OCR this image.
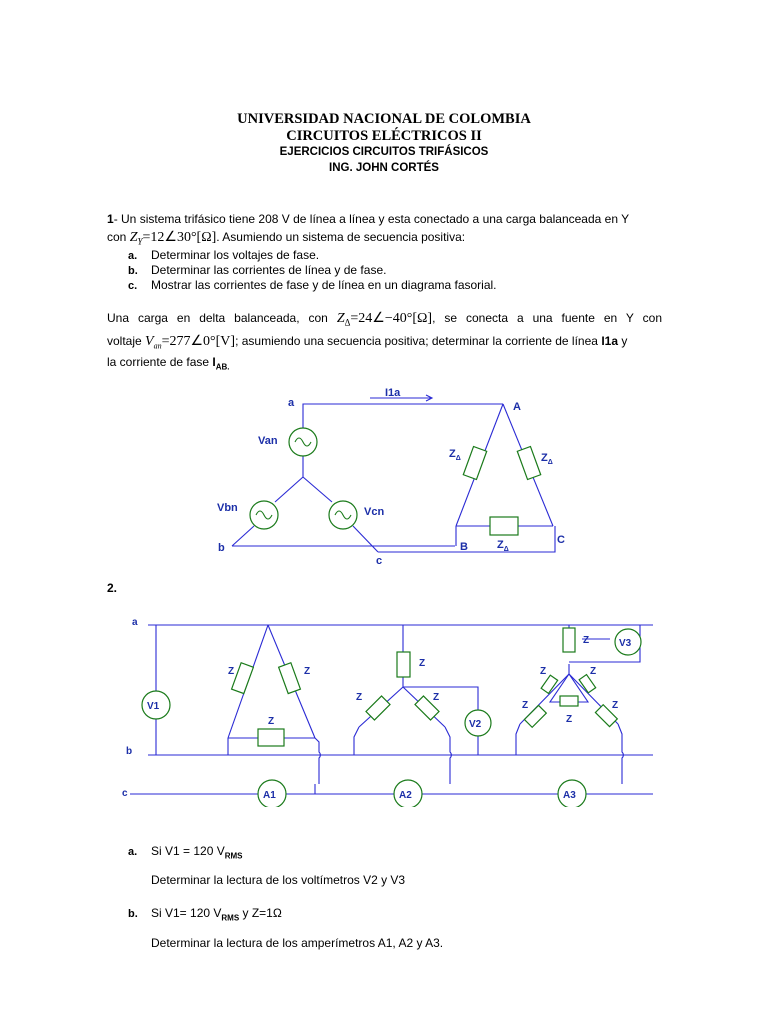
UNIVERSIDAD NACIONAL DE COLOMBIA
CIRCUITOS ELÉCTRICOS II
EJERCICIOS CIRCUITOS TRIFÁSICOS
ING. JOHN CORTÉS
1- Un sistema trifásico tiene 208 V de línea a línea y esta conectado a una carga balanceada en Y
con $Z_Y=12\angle 30^\circ[\Omega]$. Asumiendo un sistema de secuencia positiva:
a. Determinar los voltajes de fase.
b. Determinar las corrientes de línea y de fase.
c. Mostrar las corrientes de fase y de línea en un diagrama fasorial.
Una carga en delta balanceada, con $Z_\Delta=24\angle-40^\circ[\Omega]$, se conecta a una fuente en Y con
voltaje $V_{an}=277\angle 0^\circ[V]$; asumiendo una secuencia positiva; determinar la corriente de línea I1a y
la corriente de fase $I_{AB.}$
a
b
c
A
B
C
I1a
Van
Vbn	Vcn
$Z_\Delta$	$Z_\Delta$
$Z_\Delta$
2.
a
b
c
V1
V2
V3
A1	A2	A3
Z	Z
Z
Z
Z	Z
Z
Z	Z
Z
Z
Z
a. Si V1 = 120 $V_{RMS}$
Determinar la lectura de los voltímetros V2 y V3
b. Si V1= 120 $V_{RMS}$ y Z=1Ω
Determinar la lectura de los amperímetros A1, A2 y A3.
